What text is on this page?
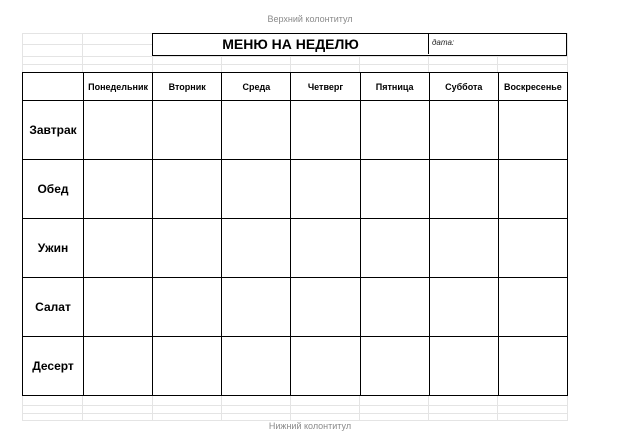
Верхний колонтитул
МЕНЮ НА НЕДЕЛЮ	дата:
	Понедельник	Вторник	Среда	Четверг	Пятница	Суббота	Воскресенье
Завтрак							
Обед							
Ужин							
Салат							
Десерт							
Нижний колонтитул
